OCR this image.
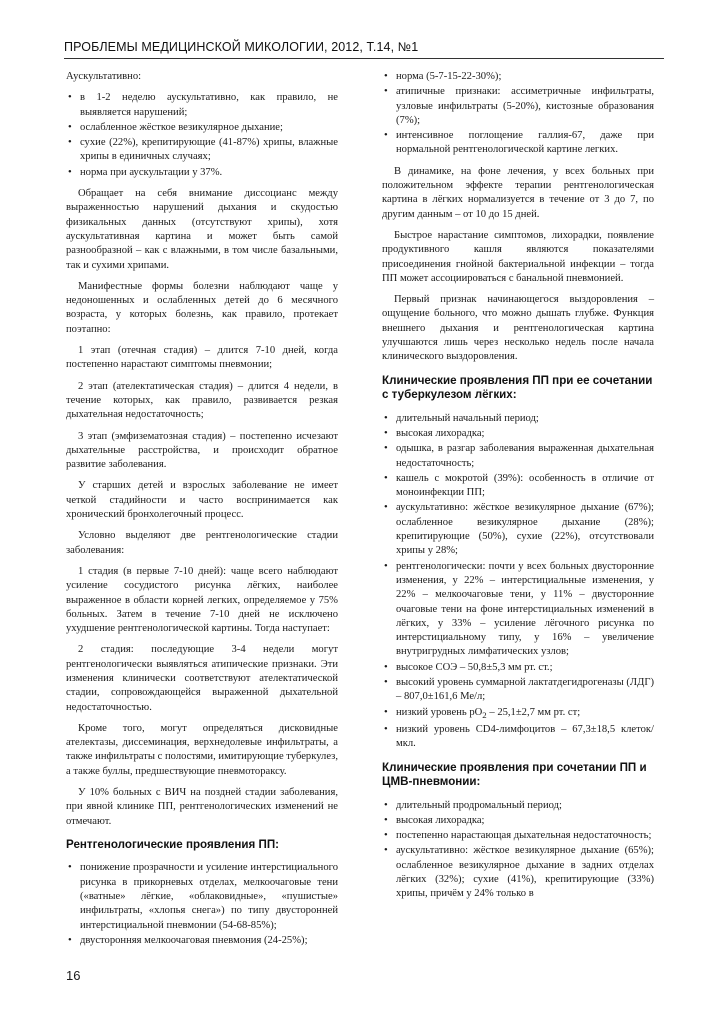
ПРОБЛЕМЫ МЕДИЦИНСКОЙ МИКОЛОГИИ, 2012, Т.14, №1

Аускультативно:

• в 1-2 неделю аускультативно, как правило, не выявляется нарушений;
• ослабленное жёсткое везикулярное дыхание;
• сухие (22%), крепитирующие (41-87%) хрипы, влажные хрипы в единичных случаях;
• норма при аускультации у 37%.

Обращает на себя внимание диссоцианс между выраженностью нарушений дыхания и скудостью физикальных данных (отсутствуют хрипы), хотя аускультативная картина и может быть самой разнообразной – как с влажными, в том числе базальными, так и сухими хрипами.

Манифестные формы болезни наблюдают чаще у недоношенных и ослабленных детей до 6 месячного возраста, у которых болезнь, как правило, протекает поэтапно:

1 этап (отечная стадия) – длится 7-10 дней, когда постепенно нарастают симптомы пневмонии;

2 этап (ателектатическая стадия) – длится 4 недели, в течение которых, как правило, развивается резкая дыхательная недостаточность;

3 этап (эмфизематозная стадия) – постепенно исчезают дыхательные расстройства, и происходит обратное развитие заболевания.

У старших детей и взрослых заболевание не имеет четкой стадийности и часто воспринимается как хронический бронхолегочный процесс.

Условно выделяют две рентгенологические стадии заболевания:

1 стадия (в первые 7-10 дней): чаще всего наблюдают усиление сосудистого рисунка лёгких, наиболее выраженное в области корней легких, определяемое у 75% больных. Затем в течение 7-10 дней не исключено ухудшение рентгенологической картины. Тогда наступает:

2 стадия: последующие 3-4 недели могут рентгенологически выявляться атипические признаки. Эти изменения клинически соответствуют ателектатической стадии, сопровождающейся выраженной дыхательной недостаточностью.

Кроме того, могут определяться дисковидные ателектазы, диссеминация, верхнедолевые инфильтраты, а также инфильтраты с полостями, имитирующие туберкулез, а также буллы, предшествующие пневмотораксу.

У 10% больных с ВИЧ на поздней стадии заболевания, при явной клинике ПП, рентгенологических изменений не отмечают.

Рентгенологические проявления ПП:
• понижение прозрачности и усиление интерстициального рисунка в прикорневых отделах, мелкоочаговые тени («ватные» лёгкие, «облаковидные», «пушистые» инфильтраты, «хлопья снега») по типу двусторонней интерстициальной пневмонии (54-68-85%);
• двусторонняя мелкоочаговая пневмония (24-25%);
• норма (5-7-15-22-30%);
• атипичные признаки: ассиметричные инфильтраты, узловые инфильтраты (5-20%), кистозные образования (7%);
• интенсивное поглощение галлия-67, даже при нормальной рентгенологической картине легких.

В динамике, на фоне лечения, у всех больных при положительном эффекте терапии рентгенологическая картина в лёгких нормализуется в течение от 3 до 7, по другим данным – от 10 до 15 дней.

Быстрое нарастание симптомов, лихорадки, появление продуктивного кашля являются показателями присоединения гнойной бактериальной инфекции – тогда ПП может ассоциироваться с банальной пневмонией.

Первый признак начинающегося выздоровления – ощущение больного, что можно дышать глубже. Функция внешнего дыхания и рентгенологическая картина улучшаются лишь через несколько недель после начала клинического выздоровления.

Клинические проявления ПП при ее сочетании с туберкулезом лёгких:
• длительный начальный период;
• высокая лихорадка;
• одышка, в разгар заболевания выраженная дыхательная недостаточность;
• кашель с мокротой (39%): особенность в отличие от моноинфекции ПП;
• аускультативно: жёсткое везикулярное дыхание (67%); ослабленное везикулярное дыхание (28%); крепитирующие (50%), сухие (22%), отсутствовали хрипы у 28%;
• рентгенологически: почти у всех больных двусторонние изменения, у 22% – интерстициальные изменения, у 22% – мелкоочаговые тени, у 11% – двусторонние очаговые тени на фоне интерстициальных изменений в лёгких, у 33% – усиление лёгочного рисунка по интерстициальному типу, у 16% – увеличение внутригрудных лимфатических узлов;
• высокое СОЭ – 50,8±5,3 мм рт. ст.;
• высокий уровень суммарной лактатдегидрогеназы (ЛДГ) – 807,0±161,6 Ме/л;
• низкий уровень $рО_2 - 25,1\pm 2,7$ мм рт. ст;
• низкий уровень CD4-лимфоцитов – 67,3±18,5 клеток/мкл.
Клинические проявления при сочетании ПП и ЦМВ-пневмонии:
• длительный продромальный период;
• высокая лихорадка;
• постепенно нарастающая дыхательная недостаточность;
• аускультативно: жёсткое везикулярное дыхание (65%); ослабленное везикулярное дыхание в задних отделах лёгких (32%); сухие (41%), крепитирующие (33%) хрипы, причём у 24% только в
16
